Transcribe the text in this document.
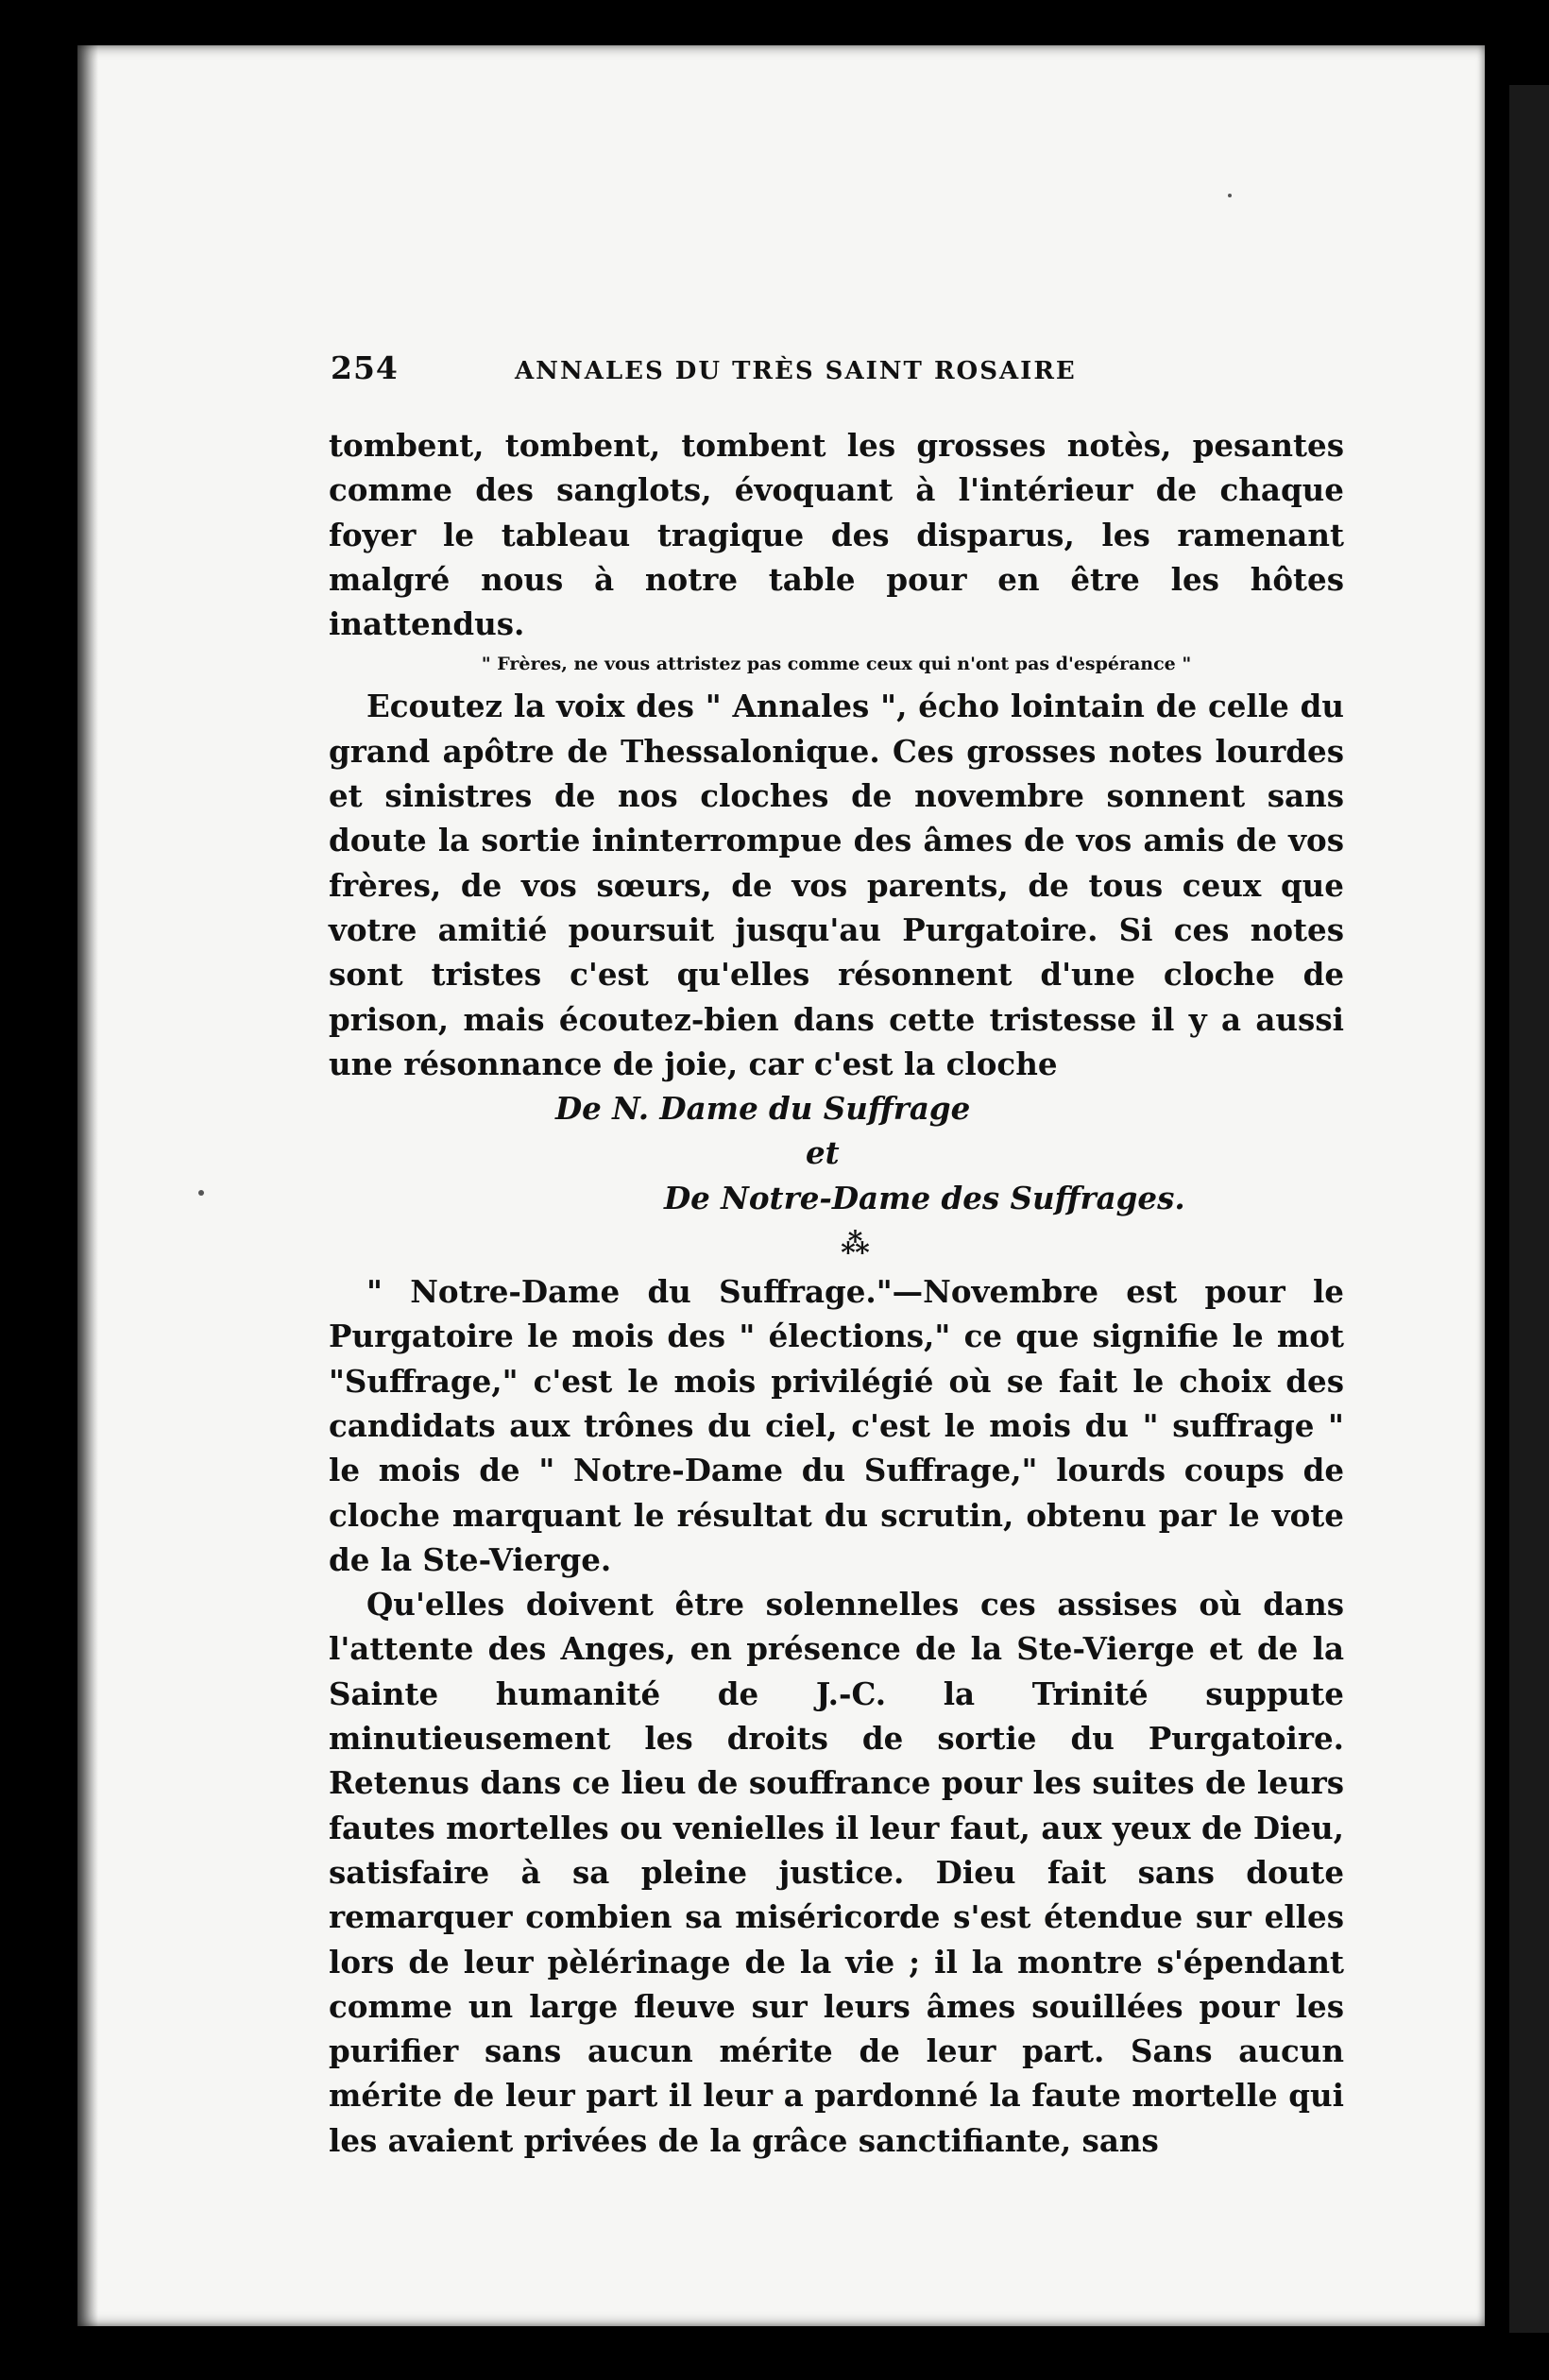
254	ANNALES DU TRÈS SAINT ROSAIRE

tombent, tombent, tombent les grosses notès, pesantes comme des sanglots, évoquant à l'intérieur de chaque foyer le tableau tragique des disparus, les ramenant malgré nous à notre table pour en être les hôtes inattendus.

" Frères, ne vous attristez pas comme ceux qui n'ont pas d'espérance "

Ecoutez la voix des " Annales ", écho lointain de celle du grand apôtre de Thessalonique. Ces grosses notes lourdes et sinistres de nos cloches de novembre sonnent sans doute la sortie ininterrompue des âmes de vos amis de vos frères, de vos sœurs, de vos parents, de tous ceux que votre amitié poursuit jusqu'au Purgatoire. Si ces notes sont tristes c'est qu'elles résonnent d'une cloche de prison, mais écoutez-bien dans cette tristesse il y a aussi une résonnance de joie, car c'est la cloche

De N. Dame du Suffrage

et

De Notre-Dame des Suffrages.

⁂

" Notre-Dame du Suffrage."—Novembre est pour le Purgatoire le mois des " élections," ce que signifie le mot "Suffrage," c'est le mois privilégié où se fait le choix des candidats aux trônes du ciel, c'est le mois du " suffrage " le mois de " Notre-Dame du Suffrage," lourds coups de cloche marquant le résultat du scrutin, obtenu par le vote de la Ste-Vierge.

Qu'elles doivent être solennelles ces assises où dans l'attente des Anges, en présence de la Ste-Vierge et de la Sainte humanité de J.-C. la Trinité suppute minutieusement les droits de sortie du Purgatoire. Retenus dans ce lieu de souffrance pour les suites de leurs fautes mortelles ou venielles il leur faut, aux yeux de Dieu, satisfaire à sa pleine justice. Dieu fait sans doute remarquer combien sa miséricorde s'est étendue sur elles lors de leur pèlérinage de la vie ; il la montre s'épendant comme un large fleuve sur leurs âmes souillées pour les purifier sans aucun mérite de leur part. Sans aucun mérite de leur part il leur a pardonné la faute mortelle qui les avaient privées de la grâce sanctifiante, sans
